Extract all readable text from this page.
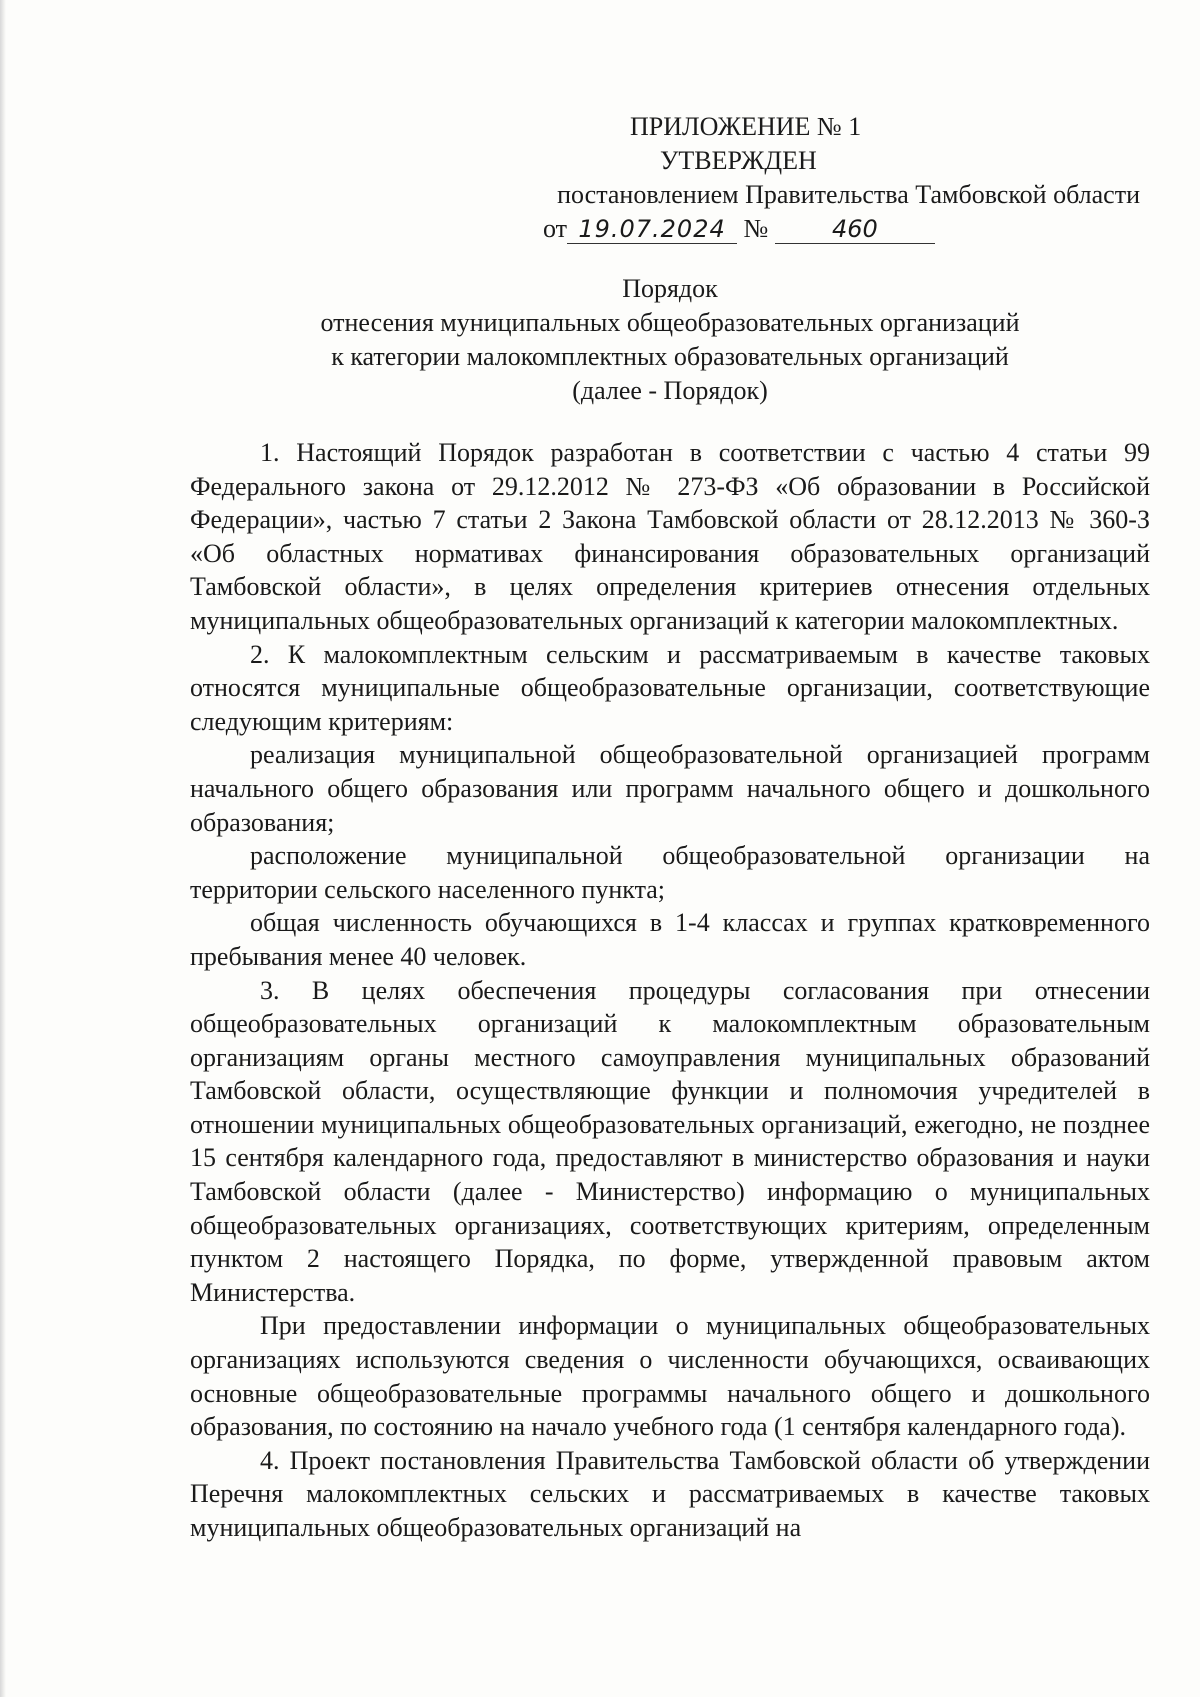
ПРИЛОЖЕНИЕ № 1
УТВЕРЖДЕН
постановлением Правительства Тамбовской области
от 19.07.2024 №	460
Порядок
отнесения муниципальных общеобразовательных организаций
к категории малокомплектных образовательных организаций
(далее - Порядок)

1. Настоящий Порядок разработан в соответствии с частью 4 статьи 99 Федерального закона от 29.12.2012 № 273-ФЗ «Об образовании в Российской Федерации», частью 7 статьи 2 Закона Тамбовской области от 28.12.2013 № 360-З «Об областных нормативах финансирования образовательных организаций Тамбовской области», в целях определения критериев отнесения отдельных муниципальных общеобразовательных организаций к категории малокомплектных.

2. К малокомплектным сельским и рассматриваемым в качестве таковых относятся муниципальные общеобразовательные организации, соответствующие следующим критериям:

реализация муниципальной общеобразовательной организацией программ начального общего образования или программ начального общего и дошкольного образования;

расположение муниципальной общеобразовательной организации на территории сельского населенного пункта;

общая численность обучающихся в 1-4 классах и группах кратковременного пребывания менее 40 человек.

3. В целях обеспечения процедуры согласования при отнесении общеобразовательных организаций к малокомплектным образовательным организациям органы местного самоуправления муниципальных образований Тамбовской области, осуществляющие функции и полномочия учредителей в отношении муниципальных общеобразовательных организаций, ежегодно, не позднее 15 сентября календарного года, предоставляют в министерство образования и науки Тамбовской области (далее - Министерство) информацию о муниципальных общеобразовательных организациях, соответствующих критериям, определенным пунктом 2 настоящего Порядка, по форме, утвержденной правовым актом Министерства.

При предоставлении информации о муниципальных общеобразовательных организациях используются сведения о численности обучающихся, осваивающих основные общеобразовательные программы начального общего и дошкольного образования, по состоянию на начало учебного года (1 сентября календарного года).

4. Проект постановления Правительства Тамбовской области об утверждении Перечня малокомплектных сельских и рассматриваемых в качестве таковых муниципальных общеобразовательных организаций на
